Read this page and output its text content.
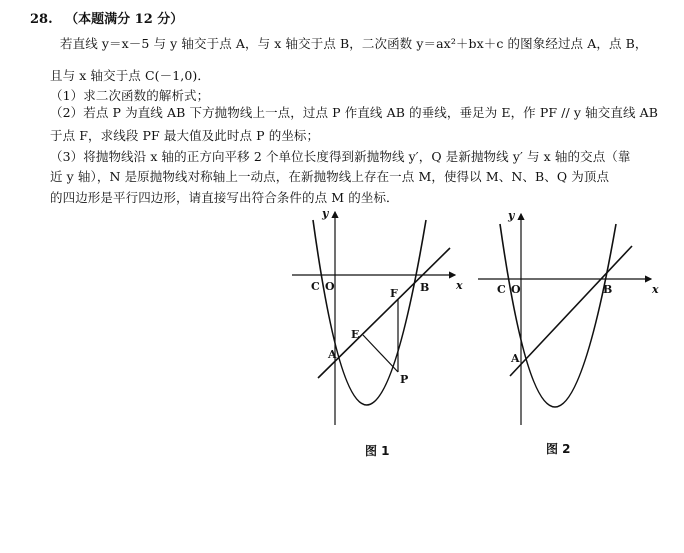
28. （本题满分 12 分）
若直线 y＝x－5 与 y 轴交于点 A，与 x 轴交于点 B，二次函数 y＝ax²＋bx＋c 的图象经过点 A，点 B，
且与 x 轴交于点 C(－1,0)．
（1）求二次函数的解析式；
（2）若点 P 为直线 AB 下方抛物线上一点，过点 P 作直线 AB 的垂线，垂足为 E，作 PF // y 轴交直线 AB
于点 F，求线段 PF 最大值及此时点 P 的坐标；
（3）将抛物线沿 x 轴的正方向平移 2 个单位长度得到新抛物线 y′，Q 是新抛物线 y′ 与 x 轴的交点（靠
近 y 轴），N 是原抛物线对称轴上一动点，在新抛物线上存在一点 M，使得以 M、N、B、Q 为顶点
的四边形是平行四边形，请直接写出符合条件的点 M 的坐标．
y
x
C O	B
A
E
F
P
图 1
y
x
C O	B
A
图 2
